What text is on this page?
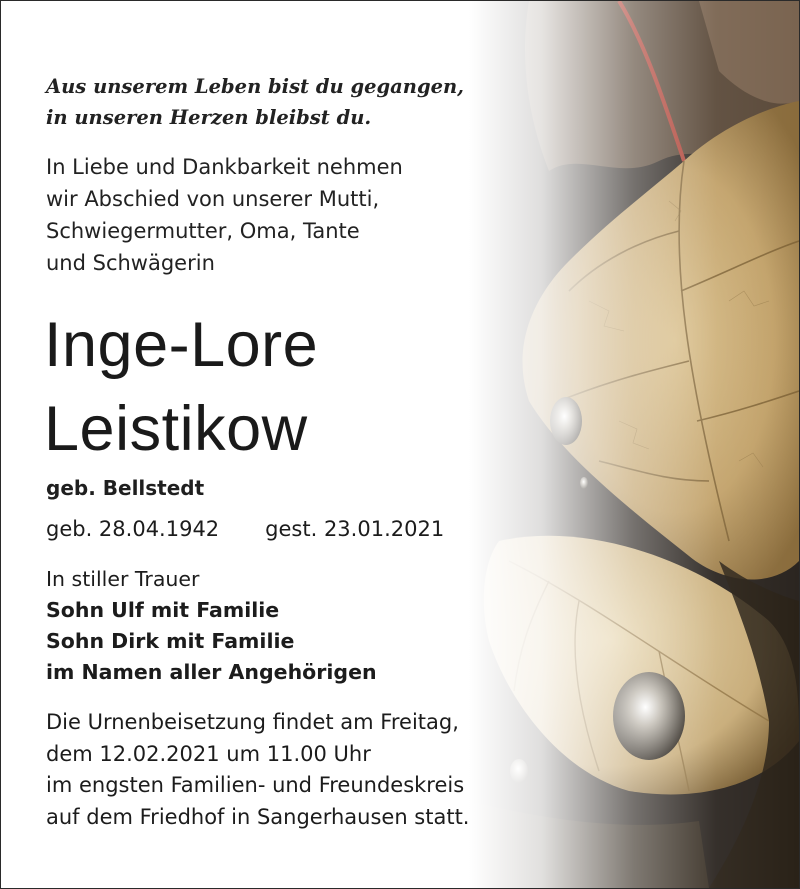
Aus unserem Leben bist du gegangen,
in unseren Herzen bleibst du.
In Liebe und Dankbarkeit nehmen
wir Abschied von unserer Mutti,
Schwiegermutter, Oma, Tante
und Schwägerin
Inge-Lore
Leistikow
geb. Bellstedt
geb. 28.04.1942 gest. 23.01.2021
In stiller Trauer
Sohn Ulf mit Familie
Sohn Dirk mit Familie
im Namen aller Angehörigen
Die Urnenbeisetzung findet am Freitag,
dem 12.02.2021 um 11.00 Uhr
im engsten Familien- und Freundeskreis
auf dem Friedhof in Sangerhausen statt.
